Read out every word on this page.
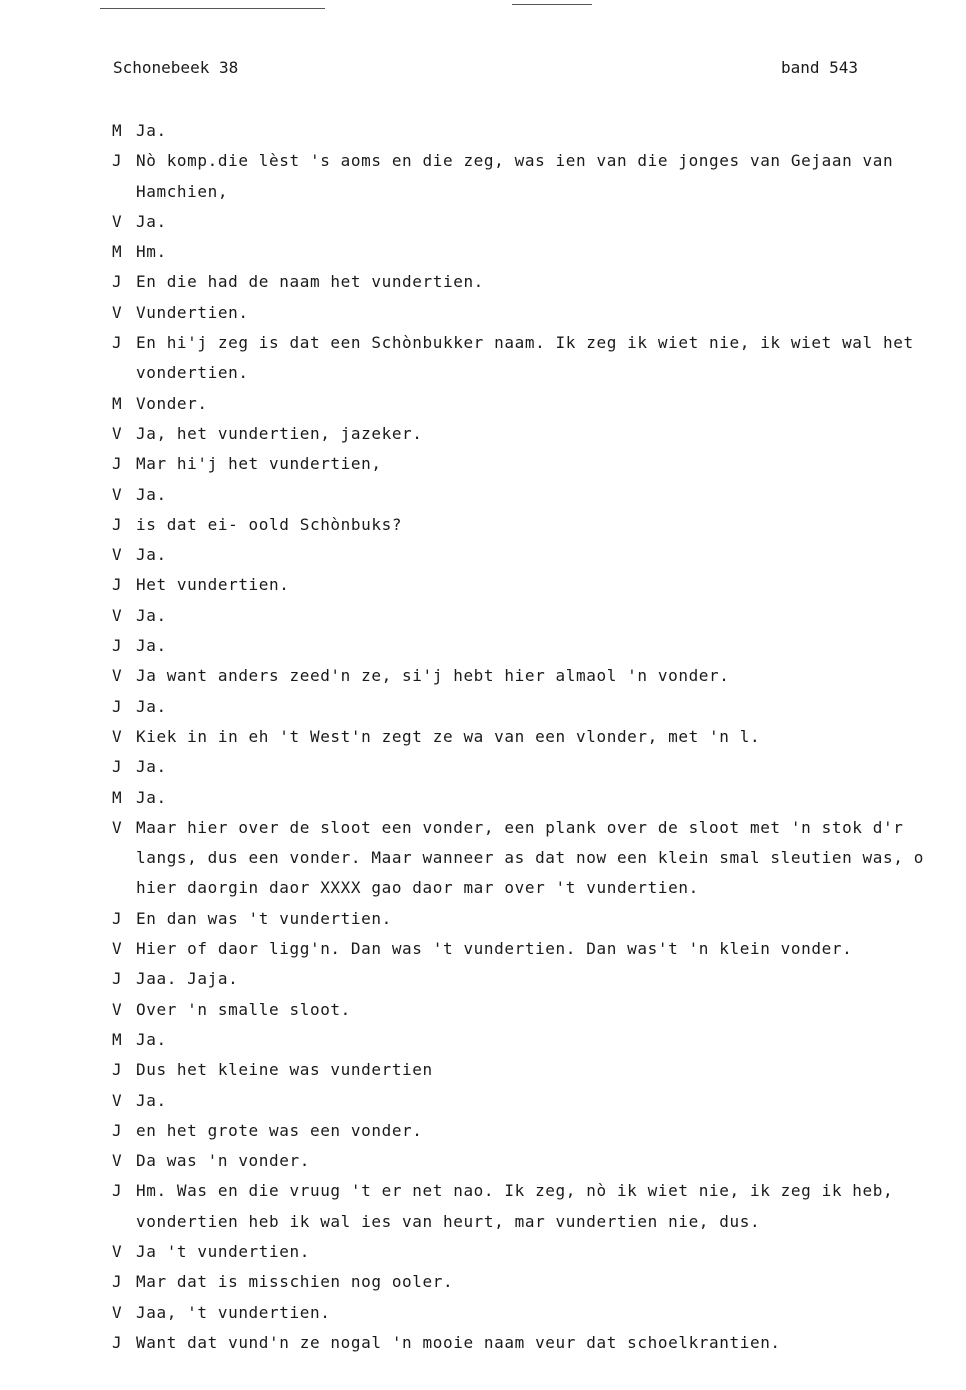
Schonebeek 38	band 543
M Ja.
J Nò komp.die lèst 's aoms en die zeg, was ien van die jonges van Gejaan van Hamchien,
V Ja.
M Hm.
J En die had de naam het vundertien.
V Vundertien.
J En hi'j zeg is dat een Schònbukker naam. Ik zeg ik wiet nie, ik wiet wal het vondertien.
M Vonder.
V Ja, het vundertien, jazeker.
J Mar hi'j het vundertien,
V Ja.
J is dat ei- oold Schònbuks?
V Ja.
J Het vundertien.
V Ja.
J Ja.
V Ja want anders zeed'n ze, si'j hebt hier almaol 'n vonder.
J Ja.
V Kiek in in eh 't West'n zegt ze wa van een vlonder, met 'n l.
J Ja.
M Ja.
V Maar hier over de sloot een vonder, een plank over de sloot met 'n stok d'r langs, dus een vonder. Maar wanneer as dat now een klein smal sleutien was, o hier daorgin daor XXXX gao daor mar over 't vundertien.
J En dan was 't vundertien.
V Hier of daor ligg'n. Dan was 't vundertien. Dan was't 'n klein vonder.
J Jaa. Jaja.
V Over 'n smalle sloot.
M Ja.
J Dus het kleine was vundertien
V Ja.
J en het grote was een vonder.
V Da was 'n vonder.
J Hm. Was en die vruug 't er net nao. Ik zeg, nò ik wiet nie, ik zeg ik heb, vondertien heb ik wal ies van heurt, mar vundertien nie, dus.
V Ja 't vundertien.
J Mar dat is misschien nog ooler.
V Jaa, 't vundertien.
J Want dat vund'n ze nogal 'n mooie naam veur dat schoelkrantien.
